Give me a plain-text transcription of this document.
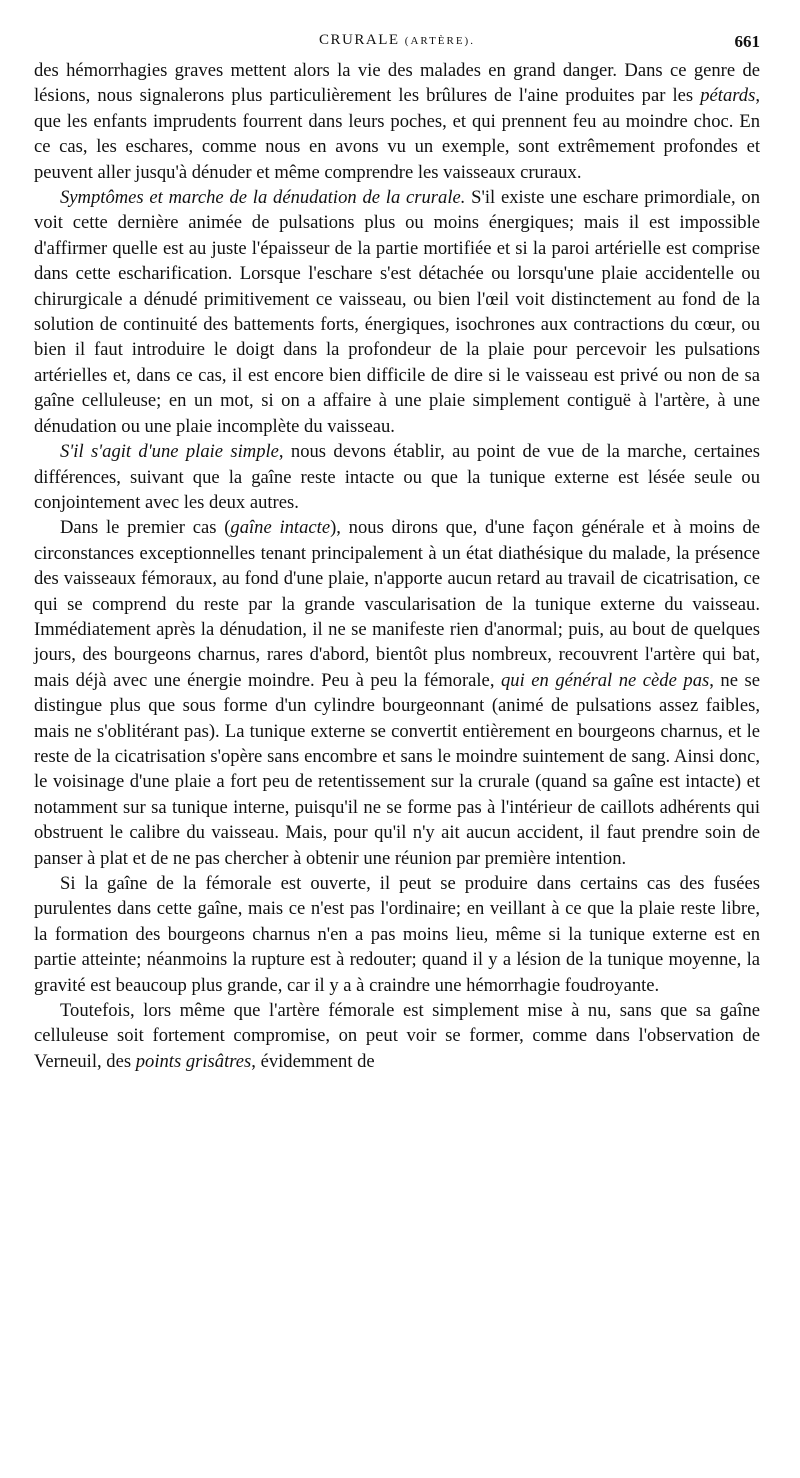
CRURALE (ARTÈRE).	661

des hémorrhagies graves mettent alors la vie des malades en grand danger. Dans ce genre de lésions, nous signalerons plus particulièrement les brûlures de l'aine produites par les pétards, que les enfants imprudents fourrent dans leurs poches, et qui prennent feu au moindre choc. En ce cas, les eschares, comme nous en avons vu un exemple, sont extrêmement profondes et peuvent aller jusqu'à dénuder et même comprendre les vaisseaux cruraux.

Symptômes et marche de la dénudation de la crurale. S'il existe une eschare primordiale, on voit cette dernière animée de pulsations plus ou moins énergiques; mais il est impossible d'affirmer quelle est au juste l'épaisseur de la partie mortifiée et si la paroi artérielle est comprise dans cette escharification. Lorsque l'eschare s'est détachée ou lorsqu'une plaie accidentelle ou chirurgicale a dénudé primitivement ce vaisseau, ou bien l'œil voit distinctement au fond de la solution de continuité des battements forts, énergiques, isochrones aux contractions du cœur, ou bien il faut introduire le doigt dans la profondeur de la plaie pour percevoir les pulsations artérielles et, dans ce cas, il est encore bien difficile de dire si le vaisseau est privé ou non de sa gaîne celluleuse; en un mot, si on a affaire à une plaie simplement contiguë à l'artère, à une dénudation ou une plaie incomplète du vaisseau.

S'il s'agit d'une plaie simple, nous devons établir, au point de vue de la marche, certaines différences, suivant que la gaîne reste intacte ou que la tunique externe est lésée seule ou conjointement avec les deux autres.

Dans le premier cas (gaîne intacte), nous dirons que, d'une façon générale et à moins de circonstances exceptionnelles tenant principalement à un état diathésique du malade, la présence des vaisseaux fémoraux, au fond d'une plaie, n'apporte aucun retard au travail de cicatrisation, ce qui se comprend du reste par la grande vascularisation de la tunique externe du vaisseau. Immédiatement après la dénudation, il ne se manifeste rien d'anormal; puis, au bout de quelques jours, des bourgeons charnus, rares d'abord, bientôt plus nombreux, recouvrent l'artère qui bat, mais déjà avec une énergie moindre. Peu à peu la fémorale, qui en général ne cède pas, ne se distingue plus que sous forme d'un cylindre bourgeonnant (animé de pulsations assez faibles, mais ne s'oblitérant pas). La tunique externe se convertit entièrement en bourgeons charnus, et le reste de la cicatrisation s'opère sans encombre et sans le moindre suintement de sang. Ainsi donc, le voisinage d'une plaie a fort peu de retentissement sur la crurale (quand sa gaîne est intacte) et notamment sur sa tunique interne, puisqu'il ne se forme pas à l'intérieur de caillots adhérents qui obstruent le calibre du vaisseau. Mais, pour qu'il n'y ait aucun accident, il faut prendre soin de panser à plat et de ne pas chercher à obtenir une réunion par première intention.

Si la gaîne de la fémorale est ouverte, il peut se produire dans certains cas des fusées purulentes dans cette gaîne, mais ce n'est pas l'ordinaire; en veillant à ce que la plaie reste libre, la formation des bourgeons charnus n'en a pas moins lieu, même si la tunique externe est en partie atteinte; néanmoins la rupture est à redouter; quand il y a lésion de la tunique moyenne, la gravité est beaucoup plus grande, car il y a à craindre une hémorrhagie foudroyante.

Toutefois, lors même que l'artère fémorale est simplement mise à nu, sans que sa gaîne celluleuse soit fortement compromise, on peut voir se former, comme dans l'observation de Verneuil, des points grisâtres, évidemment de
